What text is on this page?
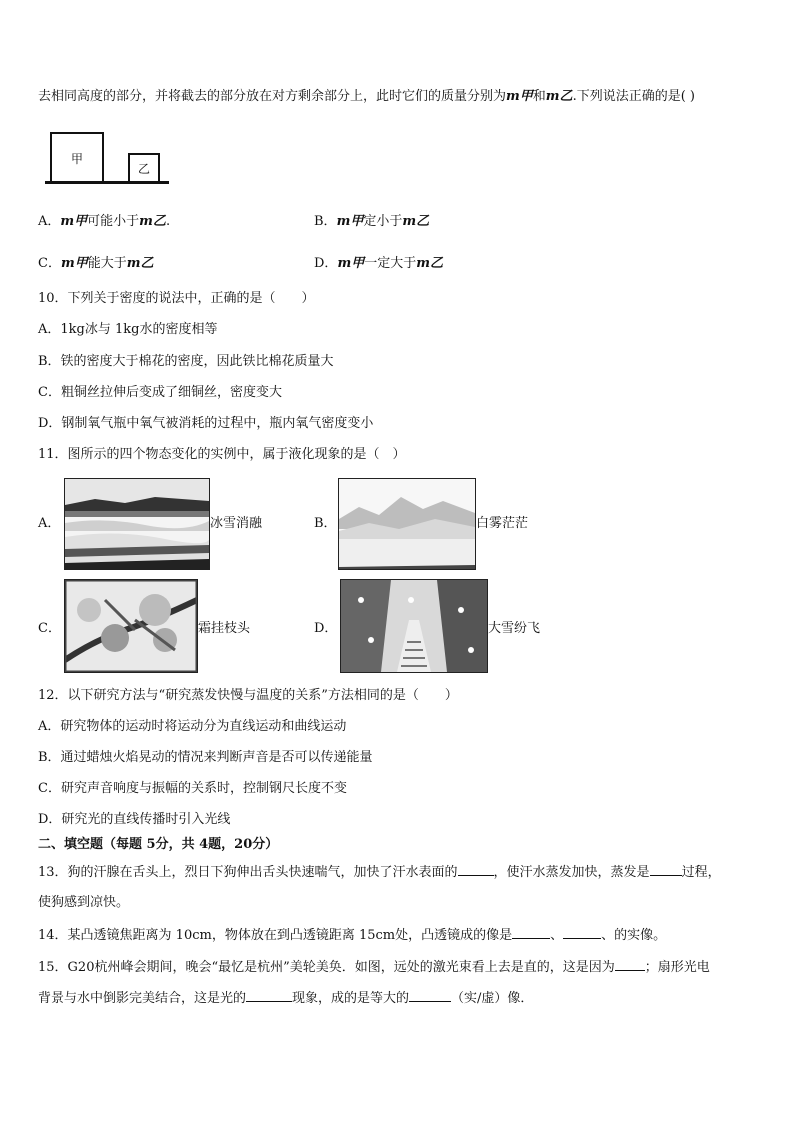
去相同高度的部分，并将截去的部分放在对方剩余部分上，此时它们的质量分别为m甲和m乙.下列说法正确的是( )
甲
乙
A．m甲可能小于m乙.	B．m甲定小于m乙
C．m甲能大于m乙	D．m甲一定大于m乙
10．下列关于密度的说法中，正确的是（　　）
A．1kg冰与 1kg水的密度相等
B．铁的密度大于棉花的密度，因此铁比棉花质量大
C．粗铜丝拉伸后变成了细铜丝，密度变大
D．钢制氧气瓶中氧气被消耗的过程中，瓶内氧气密度变小
11．图所示的四个物态变化的实例中，属于液化现象的是（　）
A．	冰雪消融	B．	白雾茫茫
C．	霜挂枝头	D．	大雪纷飞
12．以下研究方法与“研究蒸发快慢与温度的关系”方法相同的是（　　）
A．研究物体的运动时将运动分为直线运动和曲线运动
B．通过蜡烛火焰晃动的情况来判断声音是否可以传递能量
C．研究声音响度与振幅的关系时，控制钢尺长度不变
D．研究光的直线传播时引入光线
二、填空题（每题 5分，共 4题，20分）
13．狗的汗腺在舌头上，烈日下狗伸出舌头快速喘气，加快了汗水表面的	，使汗水蒸发加快，蒸发是 过程，
使狗感到凉快。
14．某凸透镜焦距离为 10cm，物体放在到凸透镜距离 15cm处，凸透镜成的像是	、	、的实像。
15．G20杭州峰会期间，晚会“最忆是杭州”美轮美奂．如图，远处的激光束看上去是直的，这是因为 ；扇形光电
背景与水中倒影完美结合，这是光的	现象，成的是等大的	（实/虚）像．
